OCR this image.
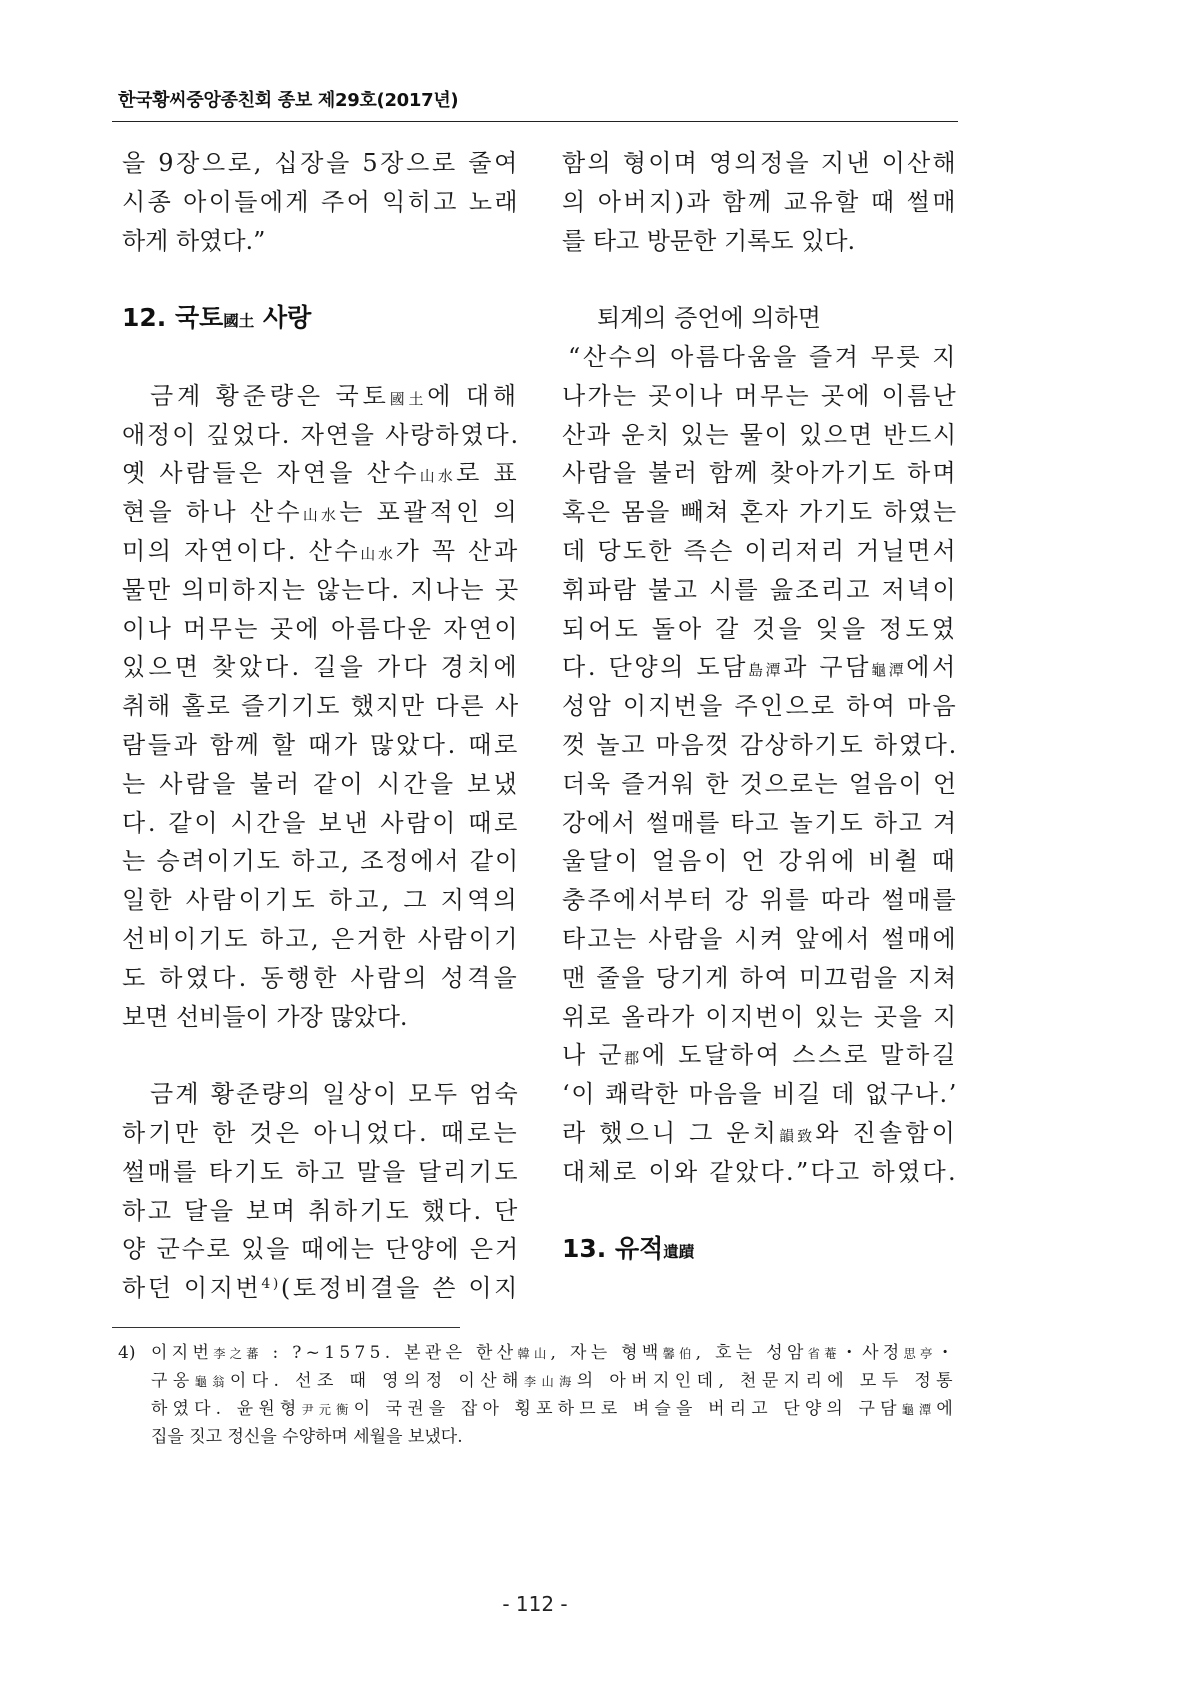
한국황씨중앙종친회 종보 제29호(2017년)
을 9장으로, 십장을 5장으로 줄여
시종 아이들에게 주어 익히고 노래
하게 하였다.”
12. 국토國土 사랑
금계 황준량은 국토國土에 대해
애정이 깊었다. 자연을 사랑하였다.
옛 사람들은 자연을 산수山水로 표
현을 하나 산수山水는 포괄적인 의
미의 자연이다. 산수山水가 꼭 산과
물만 의미하지는 않는다. 지나는 곳
이나 머무는 곳에 아름다운 자연이
있으면 찾았다. 길을 가다 경치에
취해 홀로 즐기기도 했지만 다른 사
람들과 함께 할 때가 많았다. 때로
는 사람을 불러 같이 시간을 보냈
다. 같이 시간을 보낸 사람이 때로
는 승려이기도 하고, 조정에서 같이
일한 사람이기도 하고, 그 지역의
선비이기도 하고, 은거한 사람이기
도 하였다. 동행한 사람의 성격을
보면 선비들이 가장 많았다.
금계 황준량의 일상이 모두 엄숙
하기만 한 것은 아니었다. 때로는
썰매를 타기도 하고 말을 달리기도
하고 달을 보며 취하기도 했다. 단
양 군수로 있을 때에는 단양에 은거
하던 이지번$^{4)}$(토정비결을 쓴 이지
함의 형이며 영의정을 지낸 이산해
의 아버지)과 함께 교유할 때 썰매
를 타고 방문한 기록도 있다.
퇴계의 증언에 의하면
“산수의 아름다움을 즐겨 무릇 지
나가는 곳이나 머무는 곳에 이름난
산과 운치 있는 물이 있으면 반드시
사람을 불러 함께 찾아가기도 하며
혹은 몸을 빼쳐 혼자 가기도 하였는
데 당도한 즉슨 이리저리 거닐면서
휘파람 불고 시를 읊조리고 저녁이
되어도 돌아 갈 것을 잊을 정도였
다. 단양의 도담島潭과 구담龜潭에서
성암 이지번을 주인으로 하여 마음
껏 놀고 마음껏 감상하기도 하였다.
더욱 즐거워 한 것으로는 얼음이 언
강에서 썰매를 타고 놀기도 하고 겨
울달이 얼음이 언 강위에 비췰 때
충주에서부터 강 위를 따라 썰매를
타고는 사람을 시켜 앞에서 썰매에
맨 줄을 당기게 하여 미끄럼을 지쳐
위로 올라가 이지번이 있는 곳을 지
나 군郡에 도달하여 스스로 말하길
‘이 쾌락한 마음을 비길 데 없구나.’
라 했으니 그 운치韻致와 진솔함이
대체로 이와 같았다.”다고 하였다.
13. 유적遺蹟
4) 이지번李之蕃 : ?~1575. 본관은 한산韓山, 자는 형백馨伯, 호는 성암省菴・사정思亭・
구옹龜翁이다. 선조 때 영의정 이산해李山海의 아버지인데, 천문지리에 모두 정통
하였다. 윤원형尹元衡이 국권을 잡아 횡포하므로 벼슬을 버리고 단양의 구담龜潭에
집을 짓고 정신을 수양하며 세월을 보냈다.
- 112 -
